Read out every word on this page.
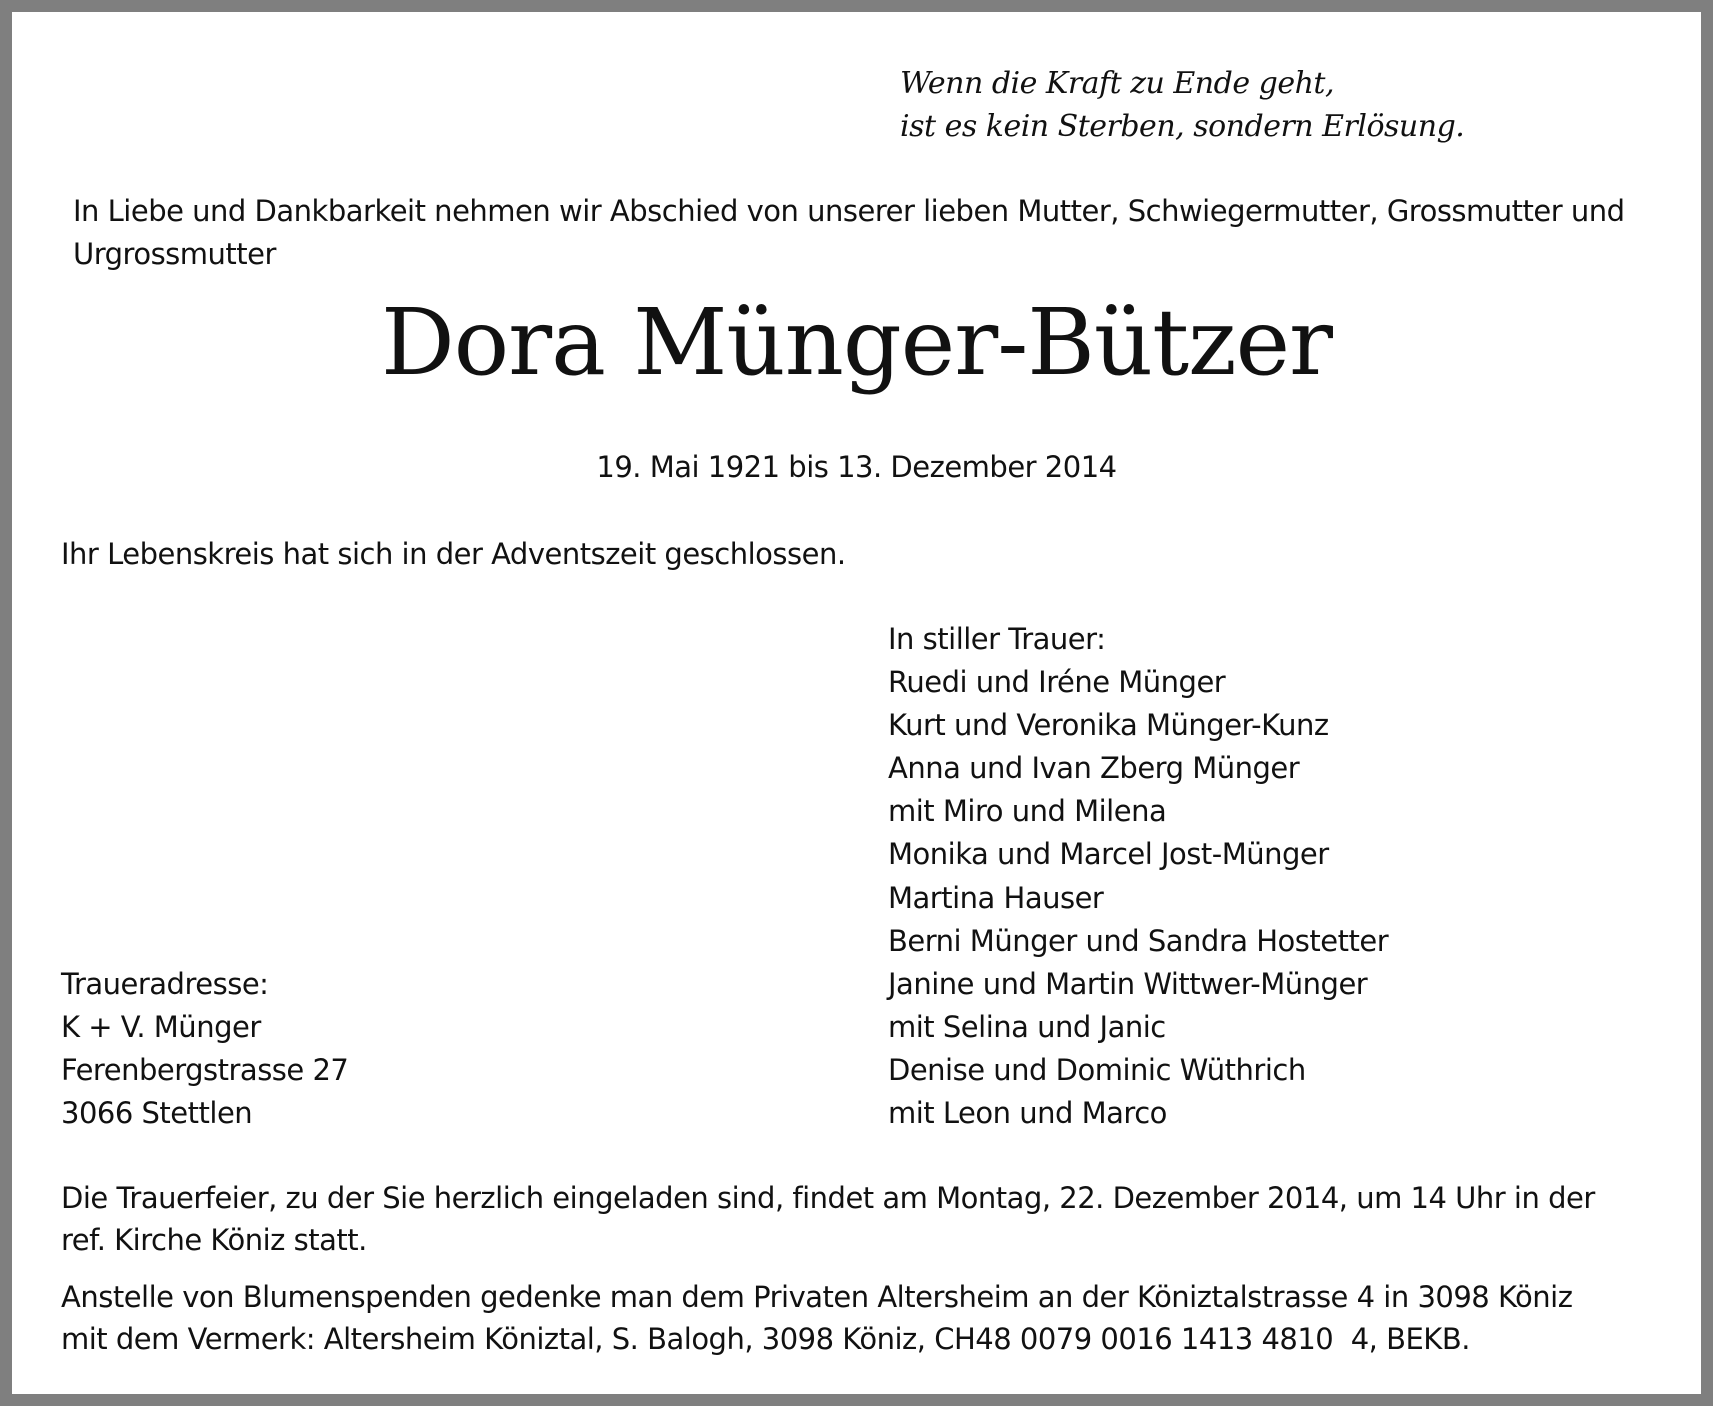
Wenn die Kraft zu Ende geht,
ist es kein Sterben, sondern Erlösung.
In Liebe und Dankbarkeit nehmen wir Abschied von unserer lieben Mutter, Schwiegermutter, Grossmutter und
Urgrossmutter
Dora Münger-Bützer
19. Mai 1921 bis 13. Dezember 2014
Ihr Lebenskreis hat sich in der Adventszeit geschlossen.
In stiller Trauer:
Ruedi und Iréne Münger
Kurt und Veronika Münger-Kunz
Anna und Ivan Zberg Münger
mit Miro und Milena
Monika und Marcel Jost-Münger
Martina Hauser
Berni Münger und Sandra Hostetter
Janine und Martin Wittwer-Münger
mit Selina und Janic
Denise und Dominic Wüthrich
mit Leon und Marco
Traueradresse:
K + V. Münger
Ferenbergstrasse 27
3066 Stettlen
Die Trauerfeier, zu der Sie herzlich eingeladen sind, findet am Montag, 22. Dezember 2014, um 14 Uhr in der
ref. Kirche Köniz statt.
Anstelle von Blumenspenden gedenke man dem Privaten Altersheim an der Köniztalstrasse 4 in 3098 Köniz
mit dem Vermerk: Altersheim Köniztal, S. Balogh, 3098 Köniz, CH48 0079 0016 1413 4810  4, BEKB.
